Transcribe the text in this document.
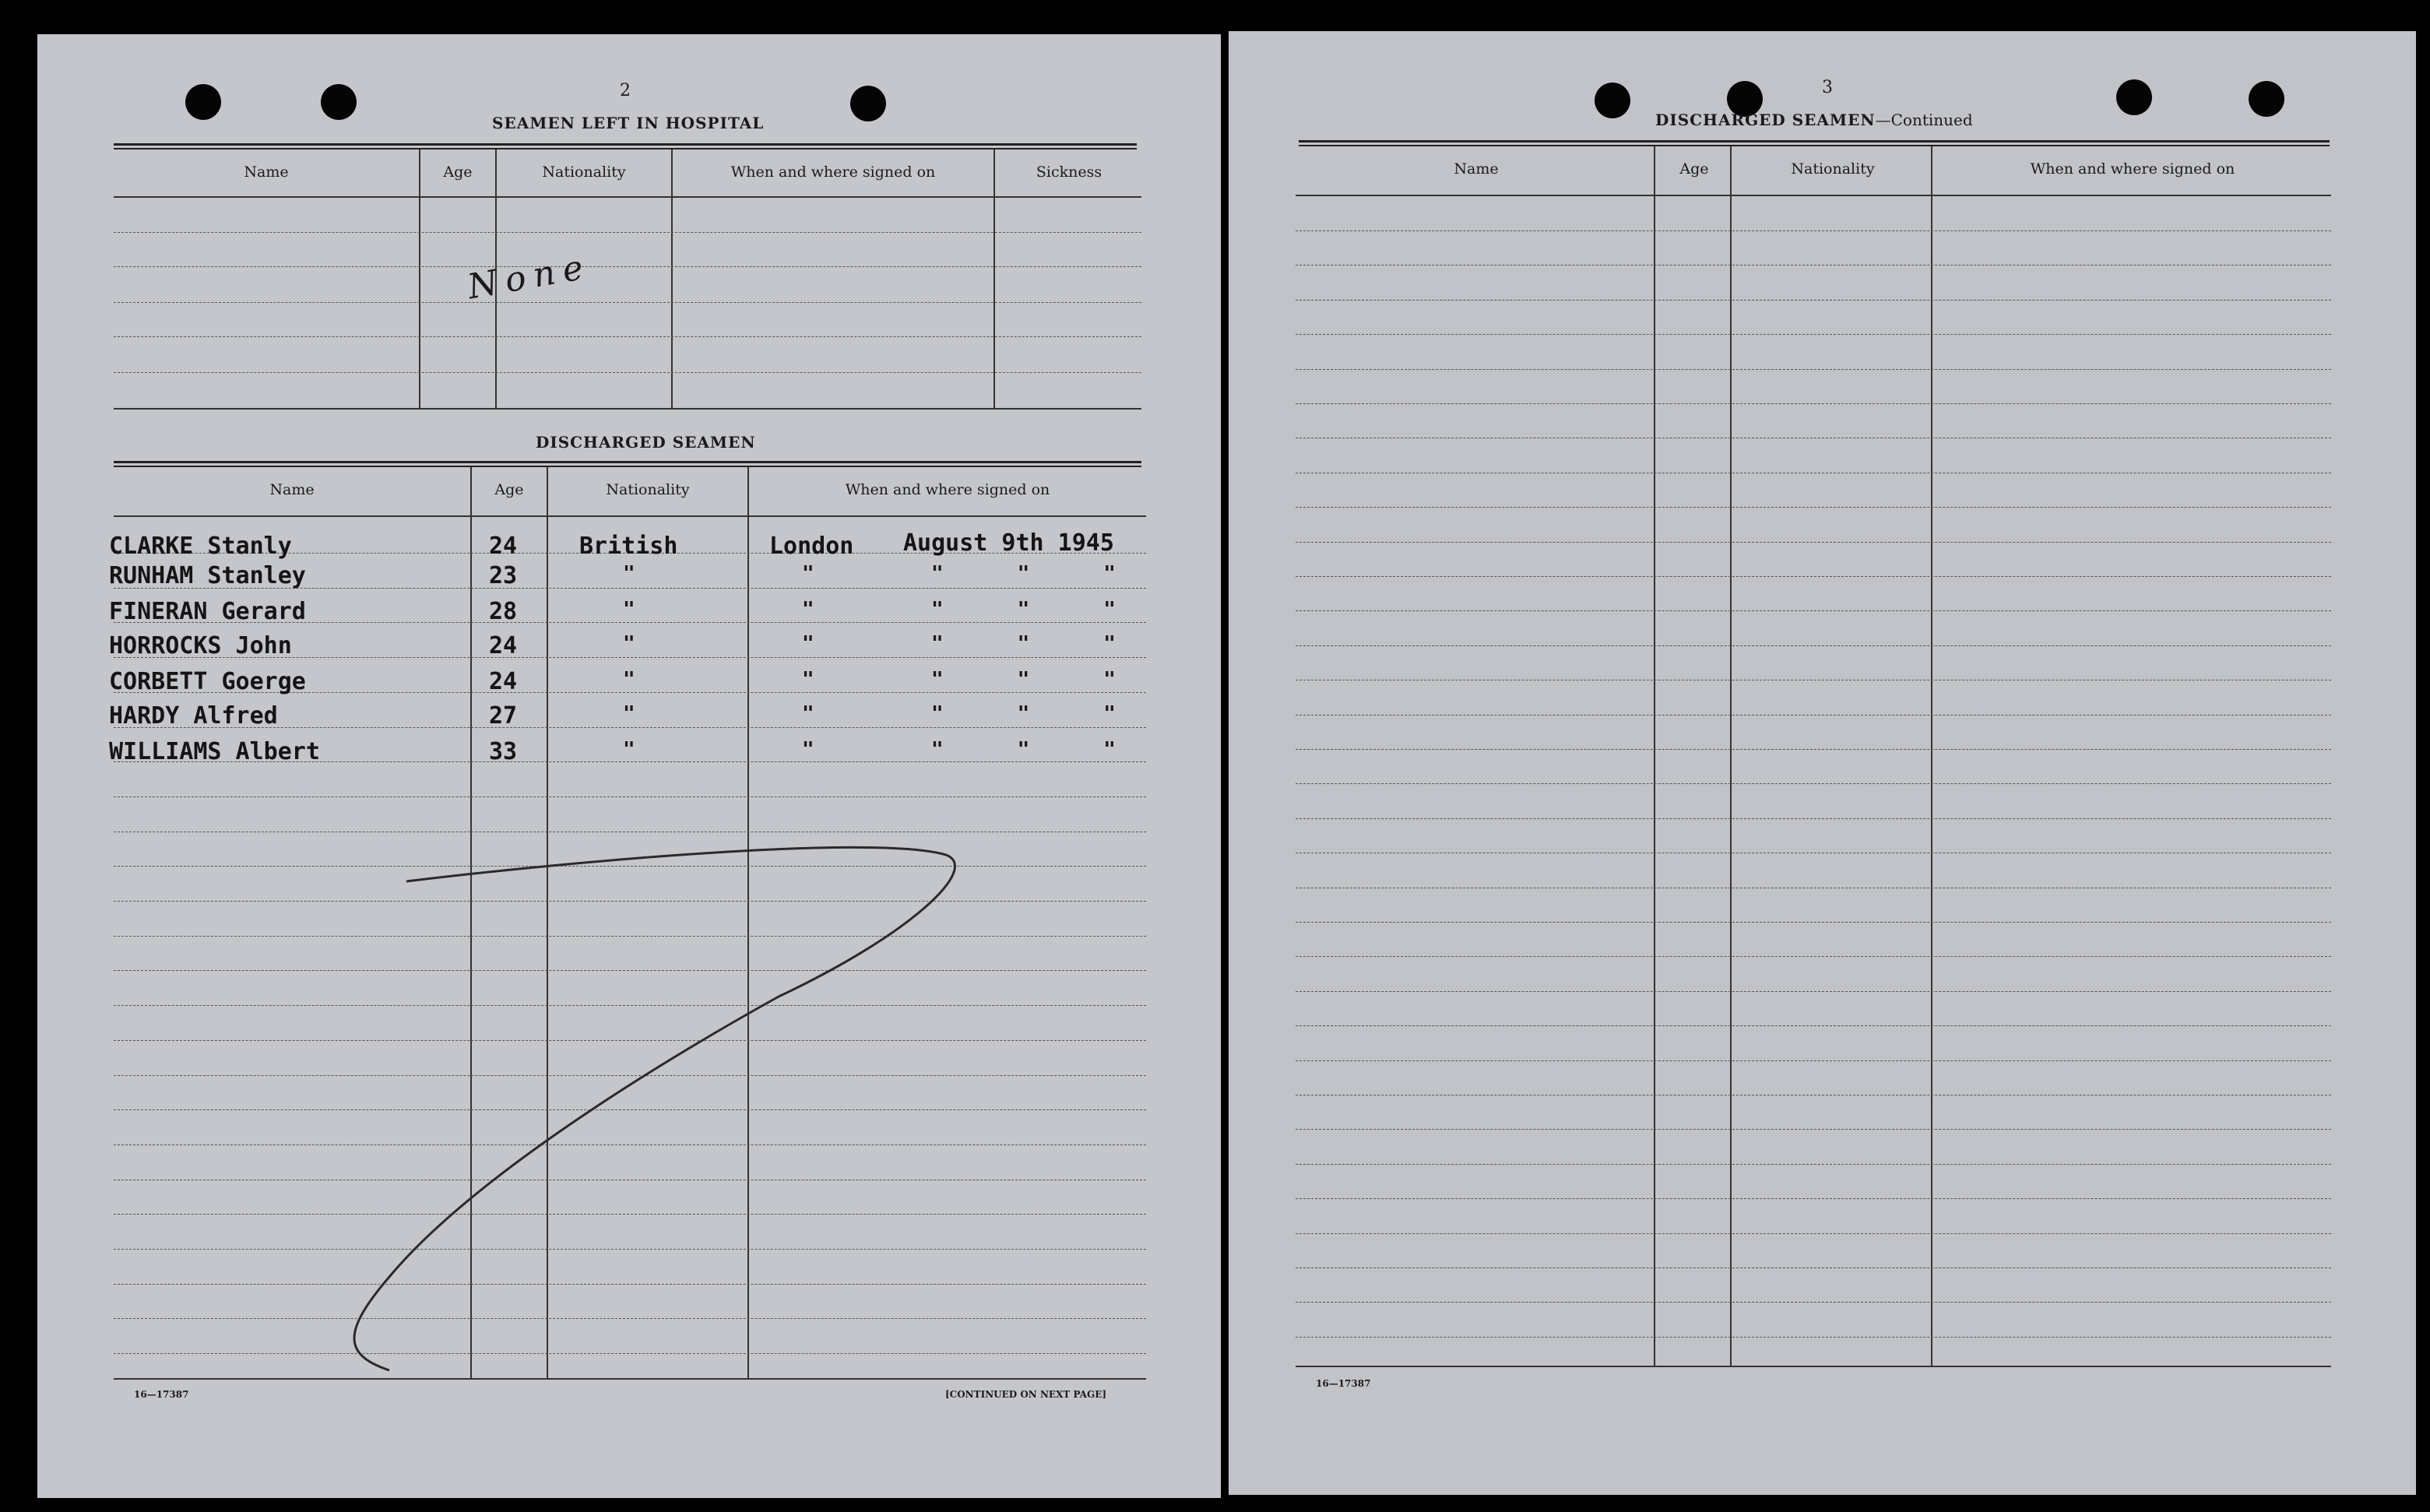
2
SEAMEN LEFT IN HOSPITAL
Name	Age	Nationality	When and where signed on	Sickness
None
DISCHARGED SEAMEN
Name	Age	Nationality	When and where signed on
CLARKE Stanly	24	British	London August 9th 1945
RUNHAM Stanley	23	"	"	"   "   "
FINERAN Gerard	28	"	"	"   "   "
HORROCKS John	24	"	"	"   "   "
CORBETT Goerge	24	"	"	"   "   "
HARDY Alfred	27	"	"	"   "   "
WILLIAMS Albert	33	"	"	"   "   "
16—17387	[CONTINUED ON NEXT PAGE]
3
DISCHARGED SEAMEN—Continued
Name	Age	Nationality	When and where signed on
16—17387
